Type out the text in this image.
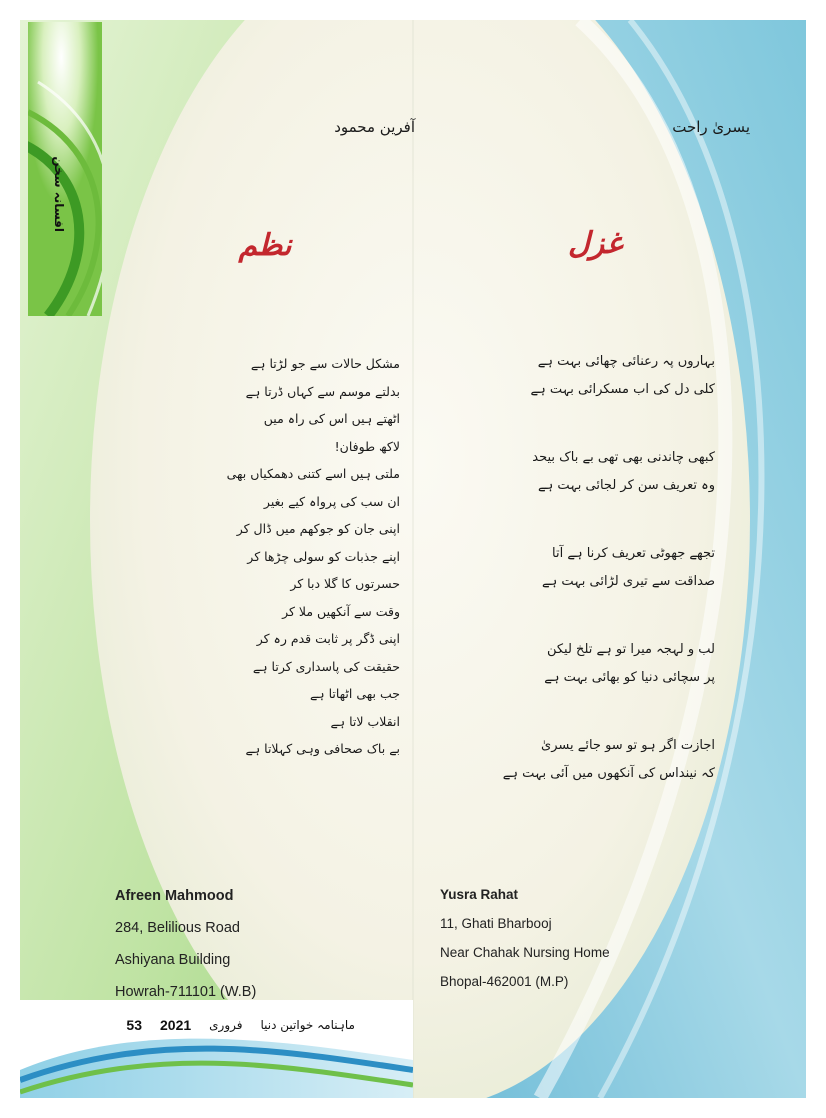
افسانہ سخن
آفرین محمود	یسریٰ راحت
نظم	غزل
مشکل حالات سے جو لڑتا ہے
بدلتے موسم سے کہاں ڈرتا ہے
اٹھتے ہیں اس کی راہ میں
لاکھ طوفان!
ملتی ہیں اسے کتنی دھمکیاں بھی
ان سب کی پرواہ کیے بغیر
اپنی جان کو جوکھم میں ڈال کر
اپنے جذبات کو سولی چڑھا کر
حسرتوں کا گلا دبا کر
وقت سے آنکھیں ملا کر
اپنی ڈگر پر ثابت قدم رہ کر
حقیقت کی پاسداری کرتا ہے
جب بھی اٹھاتا ہے
انقلاب لاتا ہے
بے باک صحافی وہی کہلاتا ہے
بہاروں پہ رعنائی چھائی بہت ہے
کلی دل کی اب مسکرائی بہت ہے
کبھی چاندنی بھی تھی بے باک بیحد
وہ تعریف سن کر لجائی بہت ہے
تجھے جھوٹی تعریف کرنا ہے آتا
صداقت سے تیری لڑائی بہت ہے
لب و لہجہ میرا تو ہے تلخ لیکن
پر سچائی دنیا کو بھائی بہت ہے
اجازت اگر ہو تو سو جائے یسریٰ
کہ نینداس کی آنکھوں میں آئی بہت ہے
Afreen Mahmood
284, Belilious Road
Ashiyana Building
Howrah-711101 (W.B)
Yusra Rahat
11, Ghati Bharbooj
Near Chahak Nursing Home
Bhopal-462001 (M.P)
53 2021 فروری ماہنامہ خواتین دنیا
